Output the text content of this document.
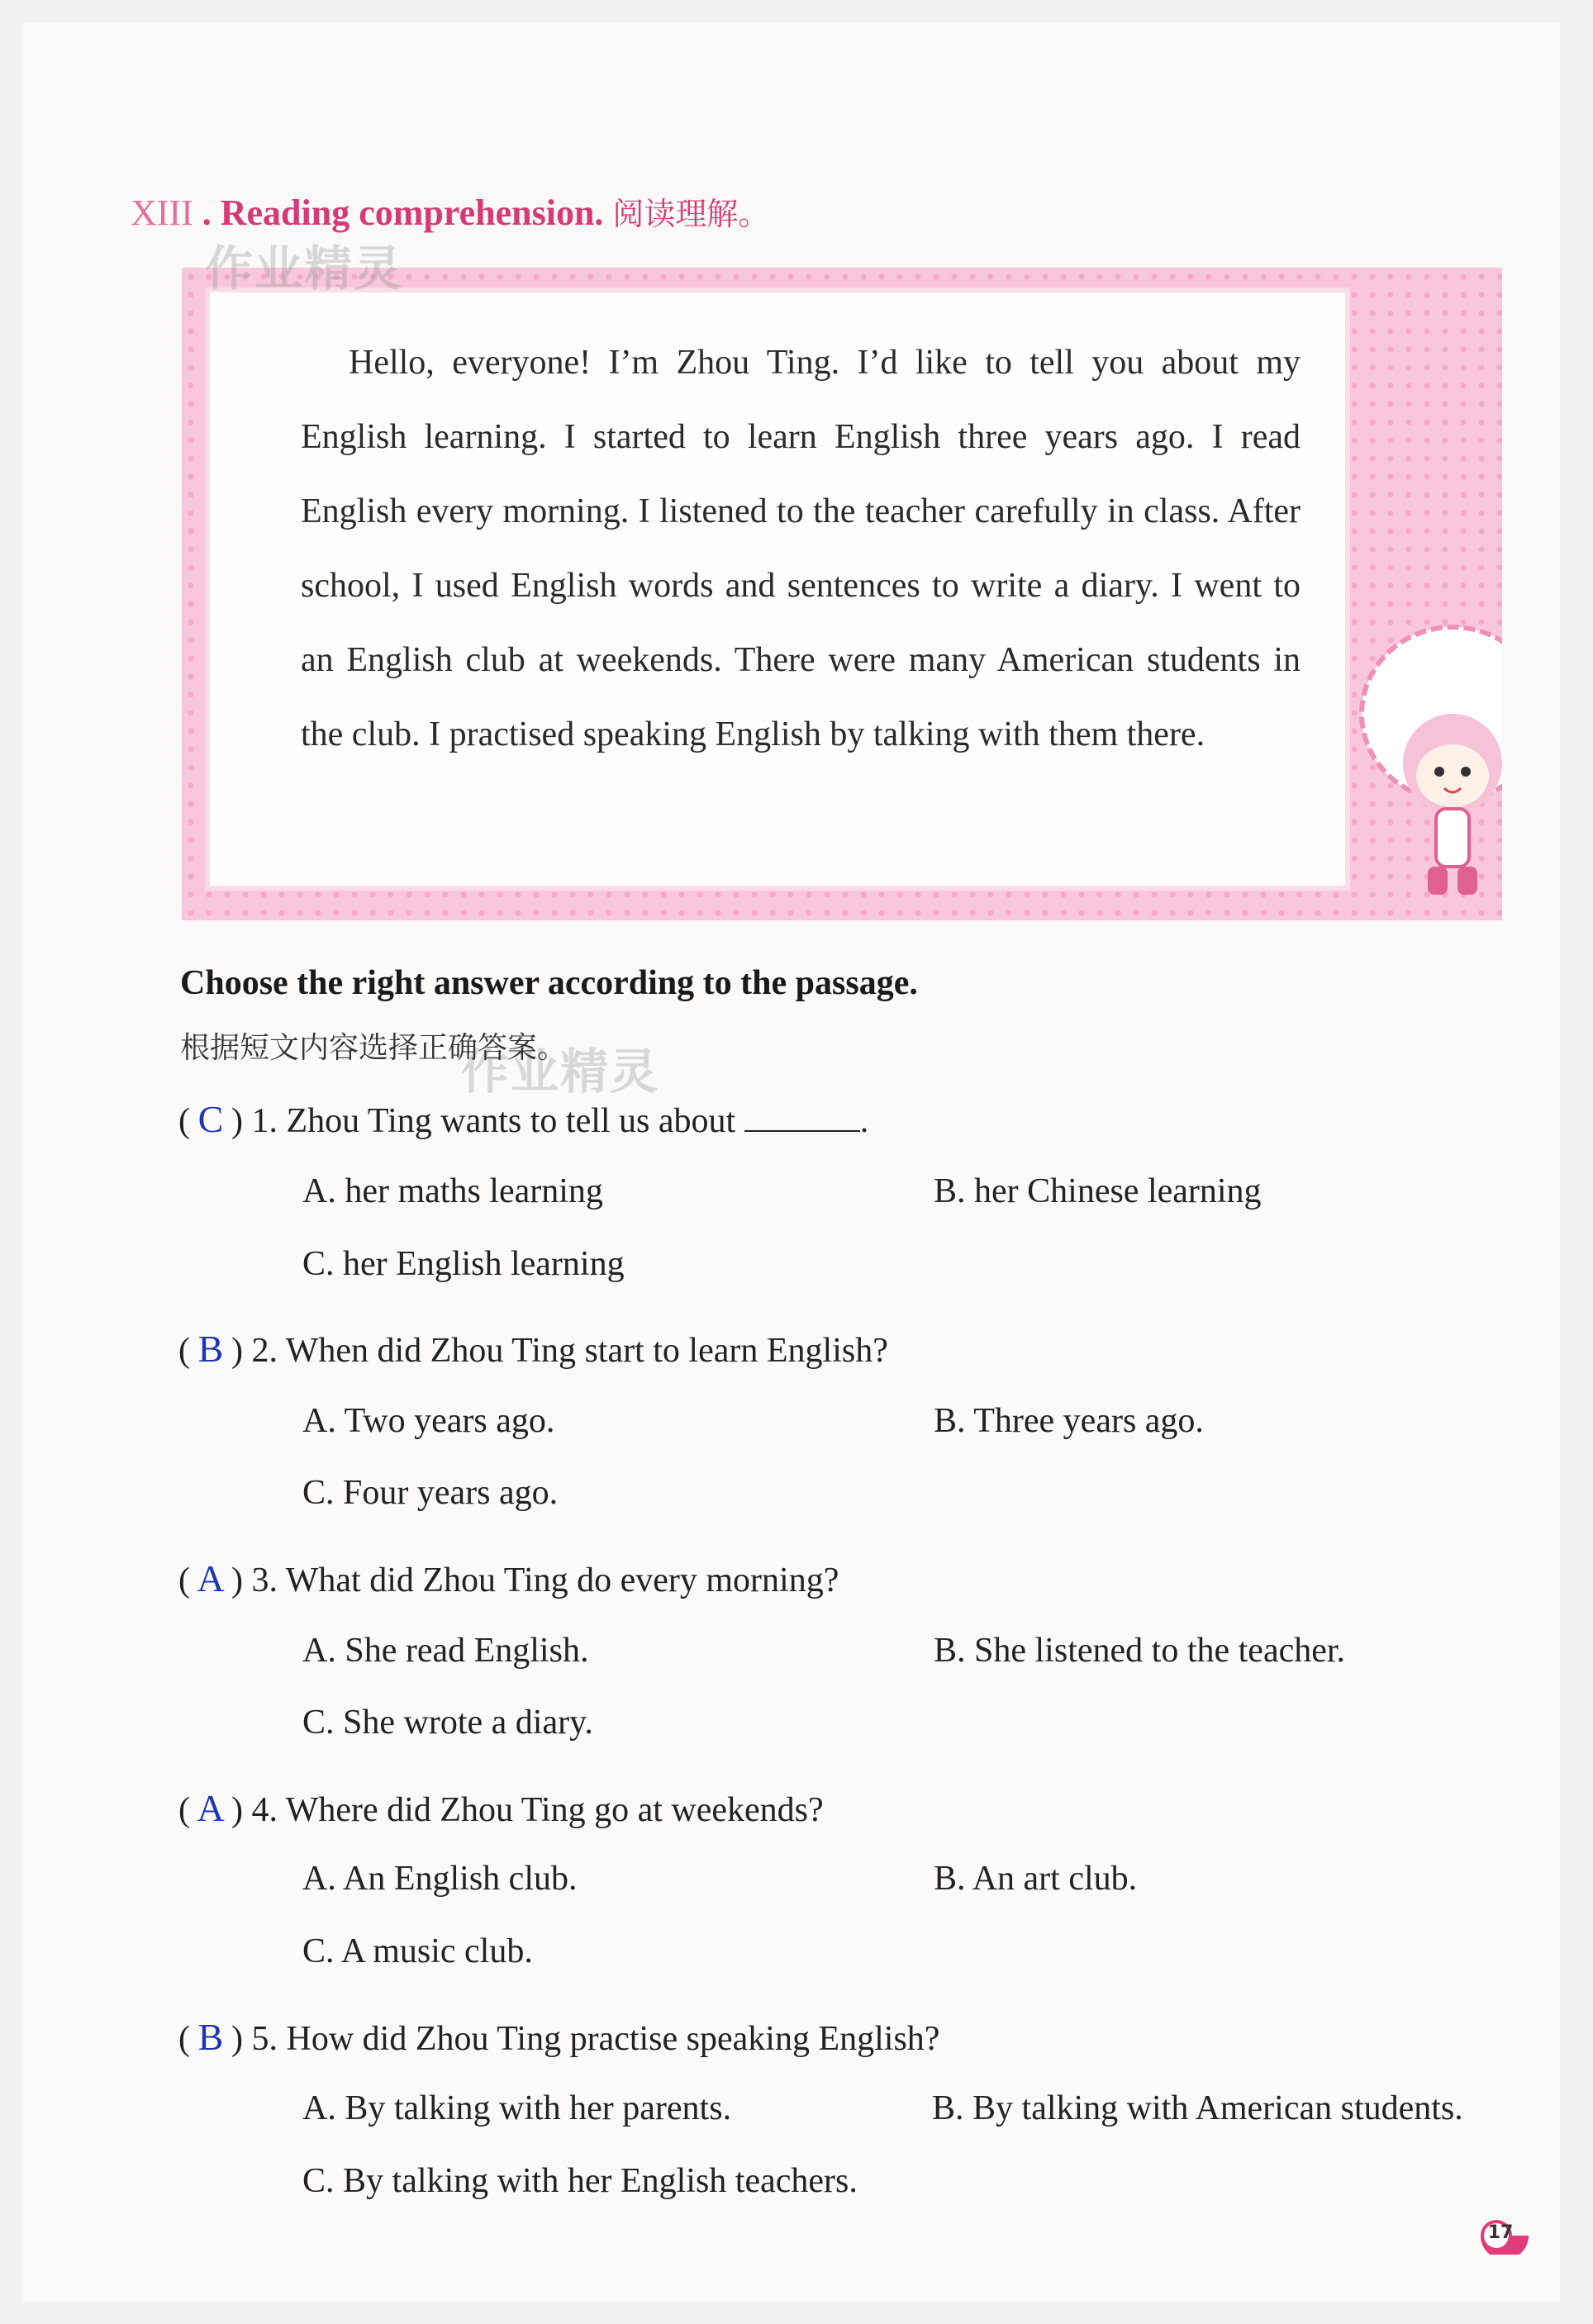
XIII . Reading comprehension. 阅读理解。
Hello, everyone! I’m Zhou Ting. I’d like to tell you about my English learning. I started to learn English three years ago. I read English every morning. I listened to the teacher carefully in class. After school, I used English words and sentences to write a diary. I went to an English club at weekends. There were many American students in the club. I practised speaking English by talking with them there.
作业精灵
作业精灵
Choose the right answer according to the passage.
根据短文内容选择正确答案。
( C ) 1. Zhou Ting wants to tell us about	.
A. her maths learning	B. her Chinese learning
C. her English learning
( B ) 2. When did Zhou Ting start to learn English?
A. Two years ago.	B. Three years ago.
C. Four years ago.
( A ) 3. What did Zhou Ting do every morning?
A. She read English.	B. She listened to the teacher.
C. She wrote a diary.
( A ) 4. Where did Zhou Ting go at weekends?
A. An English club.	B. An art club.
C. A music club.
( B ) 5. How did Zhou Ting practise speaking English?
A. By talking with her parents.	B. By talking with American students.
C. By talking with her English teachers.
17
